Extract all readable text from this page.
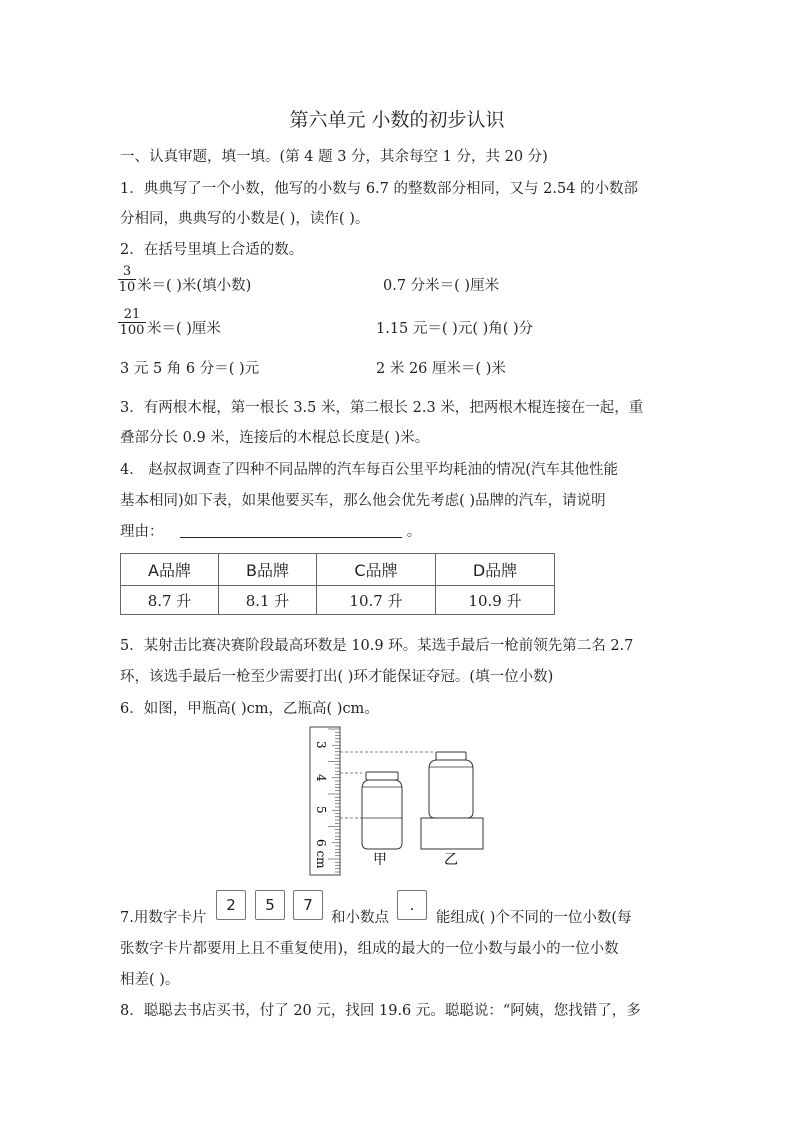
第六单元 小数的初步认识
一、认真审题，填一填。(第 4 题 3 分，其余每空 1 分，共 20 分)
1．典典写了一个小数，他写的小数与 6.7 的整数部分相同，又与 2.54 的小数部
分相同，典典写的小数是( )，读作( )。
2．在括号里填上合适的数。
3
10 米＝( )米(填小数)	0.7 分米＝( )厘米
21
100 米＝( )厘米	1.15 元＝( )元( )角( )分
3 元 5 角 6 分＝( )元	2 米 26 厘米＝( )米
3．有两根木棍，第一根长 3.5 米，第二根长 2.3 米，把两根木棍连接在一起，重
叠部分长 0.9 米，连接后的木棍总长度是( )米。
4． 赵叔叔调查了四种不同品牌的汽车每百公里平均耗油的情况(汽车其他性能
基本相同)如下表，如果他要买车，那么他会优先考虑( )品牌的汽车，请说明
理由：	。
A品牌	B品牌	C品牌	D品牌
8.7 升	8.1 升	10.7 升	10.9 升
5．某射击比赛决赛阶段最高环数是 10.9 环。某选手最后一枪前领先第二名 2.7
环，该选手最后一枪至少需要打出( )环才能保证夺冠。(填一位小数)
6．如图，甲瓶高( )cm，乙瓶高( )cm。
3
4
5
6 cm	甲	乙
7.用数字卡片
2	5	7
和小数点
.
能组成( )个不同的一位小数(每
张数字卡片都要用上且不重复使用)，组成的最大的一位小数与最小的一位小数
相差( )。
8．聪聪去书店买书，付了 20 元，找回 19.6 元。聪聪说：“阿姨，您找错了，多
